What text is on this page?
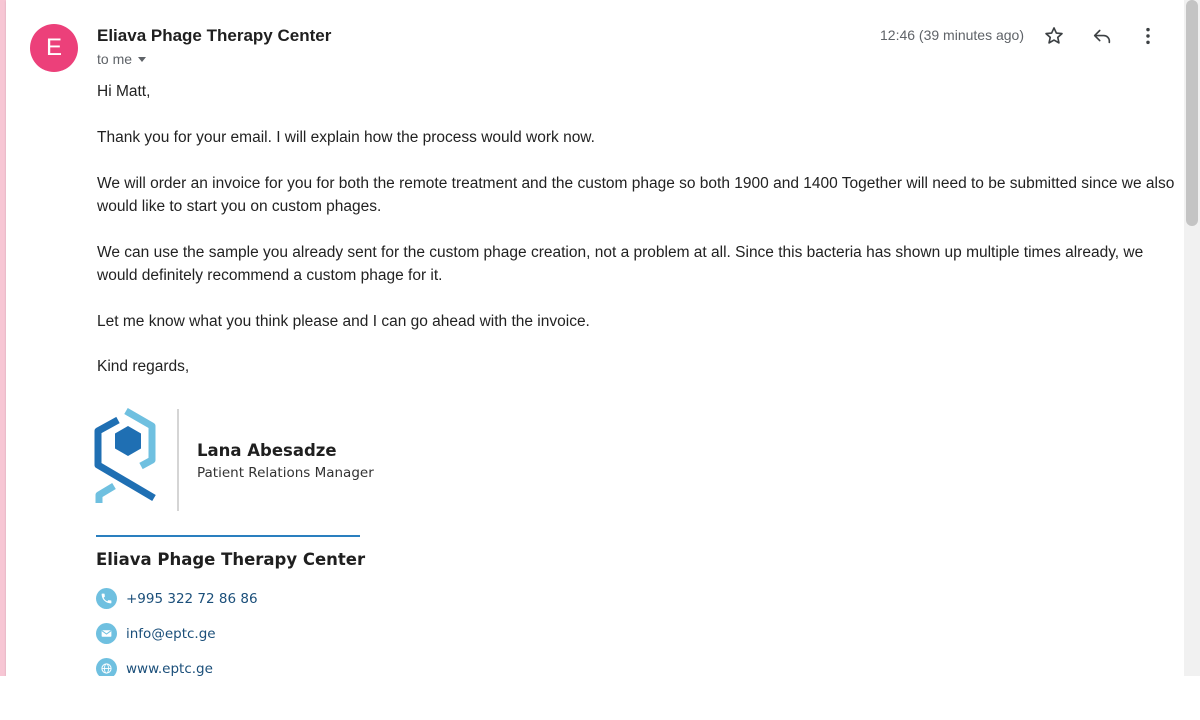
E	Eliava Phage Therapy Center
to me
12:46 (39 minutes ago)
Hi Matt,
Thank you for your email. I will explain how the process would work now.
We will order an invoice for you for both the remote treatment and the custom phage so both 1900 and 1400 Together will need to be submitted since we also would like to start you on custom phages.
We can use the sample you already sent for the custom phage creation, not a problem at all. Since this bacteria has shown up multiple times already, we would definitely recommend a custom phage for it.
Let me know what you think please and I can go ahead with the invoice.
Kind regards,
Lana Abesadze
Patient Relations Manager
Eliava Phage Therapy Center
+995 322 72 86 86
info@eptc.ge
www.eptc.ge
